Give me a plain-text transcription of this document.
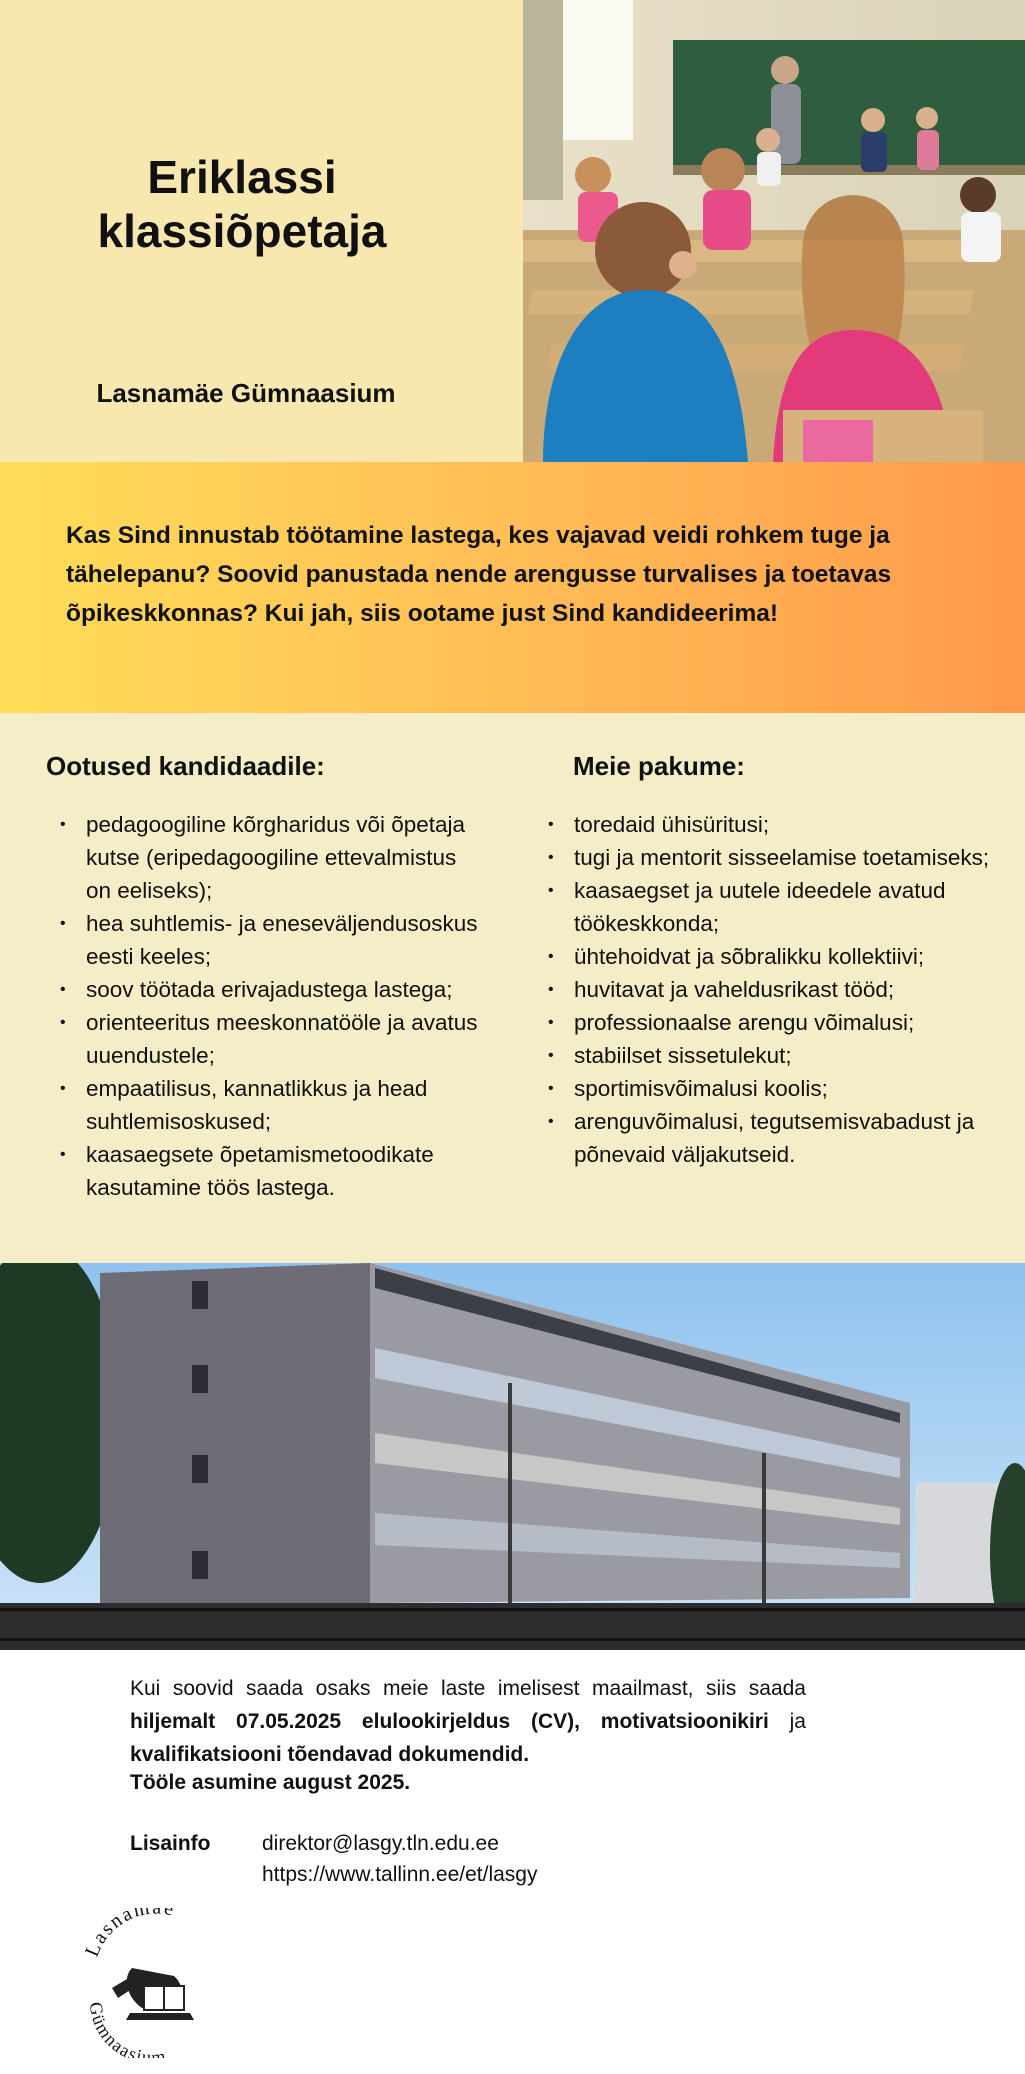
Eriklassi
klassiõpetaja

Lasnamäe Gümnaasium

Kas Sind innustab töötamine lastega, kes vajavad veidi rohkem tuge ja tähelepanu? Soovid panustada nende arengusse turvalises ja toetavas õpikeskkonnas? Kui jah, siis ootame just Sind kandideerima!

Ootused kandidaadile:
• pedagoogiline kõrgharidus või õpetaja kutse (eripedagoogiline ettevalmistus on eeliseks);
• hea suhtlemis- ja eneseväljendusoskus eesti keeles;
• soov töötada erivajadustega lastega;
• orienteeritus meeskonnatööle ja avatus uuendustele;
• empaatilisus, kannatlikkus ja head suhtlemisoskused;
• kaasaegsete õpetamismetoodikate kasutamine töös lastega.
Meie pakume:
• toredaid ühisüritusi;
• tugi ja mentorit sisseelamise toetamiseks;
• kaasaegset ja uutele ideedele avatud töökeskkonda;
• ühtehoidvat ja sõbralikku kollektiivi;
• huvitavat ja vaheldusrikast tööd;
• professionaalse arengu võimalusi;
• stabiilset sissetulekut;
• sportimisvõimalusi koolis;
• arenguvõimalusi, tegutsemisvabadust ja põnevaid väljakutseid.

Kui soovid saada osaks meie laste imelisest maailmast, siis saada hiljemalt 07.05.2025 elulookirjeldus (CV), motivatsioonikiri ja kvalifikatsiooni tõendavad dokumendid.

Tööle asumine august 2025.

Lisainfo direktor@lasgy.tln.edu.ee

https://www.tallinn.ee/et/lasgy

Lasnam e
Gümnaasium
